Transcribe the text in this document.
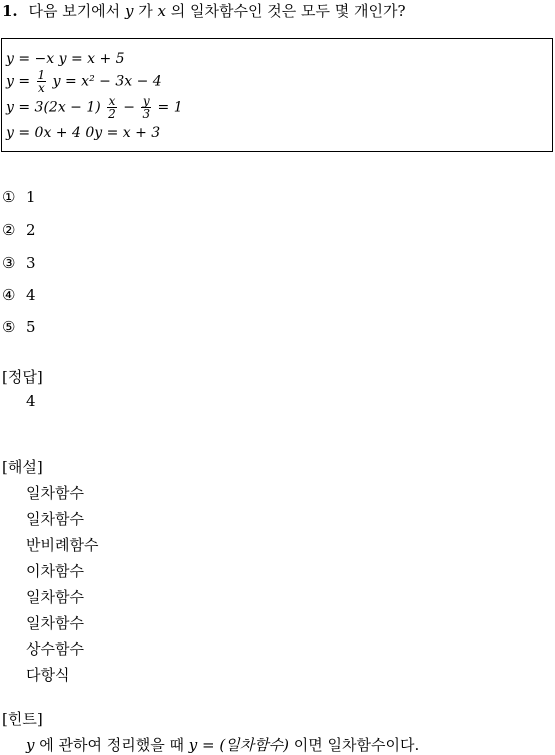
1. 다음 보기에서 y 가 x 의 일차함수인 것은 모두 몇 개인가?
y = −x y = x + 5
$y = \frac{1}{x}$ y = x² − 3x − 4
$y = 3(2x - 1) \frac{x}{2} - \frac{y}{3} = 1$
y = 0x + 4 0y = x + 3
① 1
② 2
③ 3
④ 4
⑤ 5
[정답]
4
[해설]
일차함수
일차함수
반비례함수
이차함수
일차함수
일차함수
상수함수
다항식
[힌트]
y 에 관하여 정리했을 때 y = (일차함수) 이면 일차함수이다.
